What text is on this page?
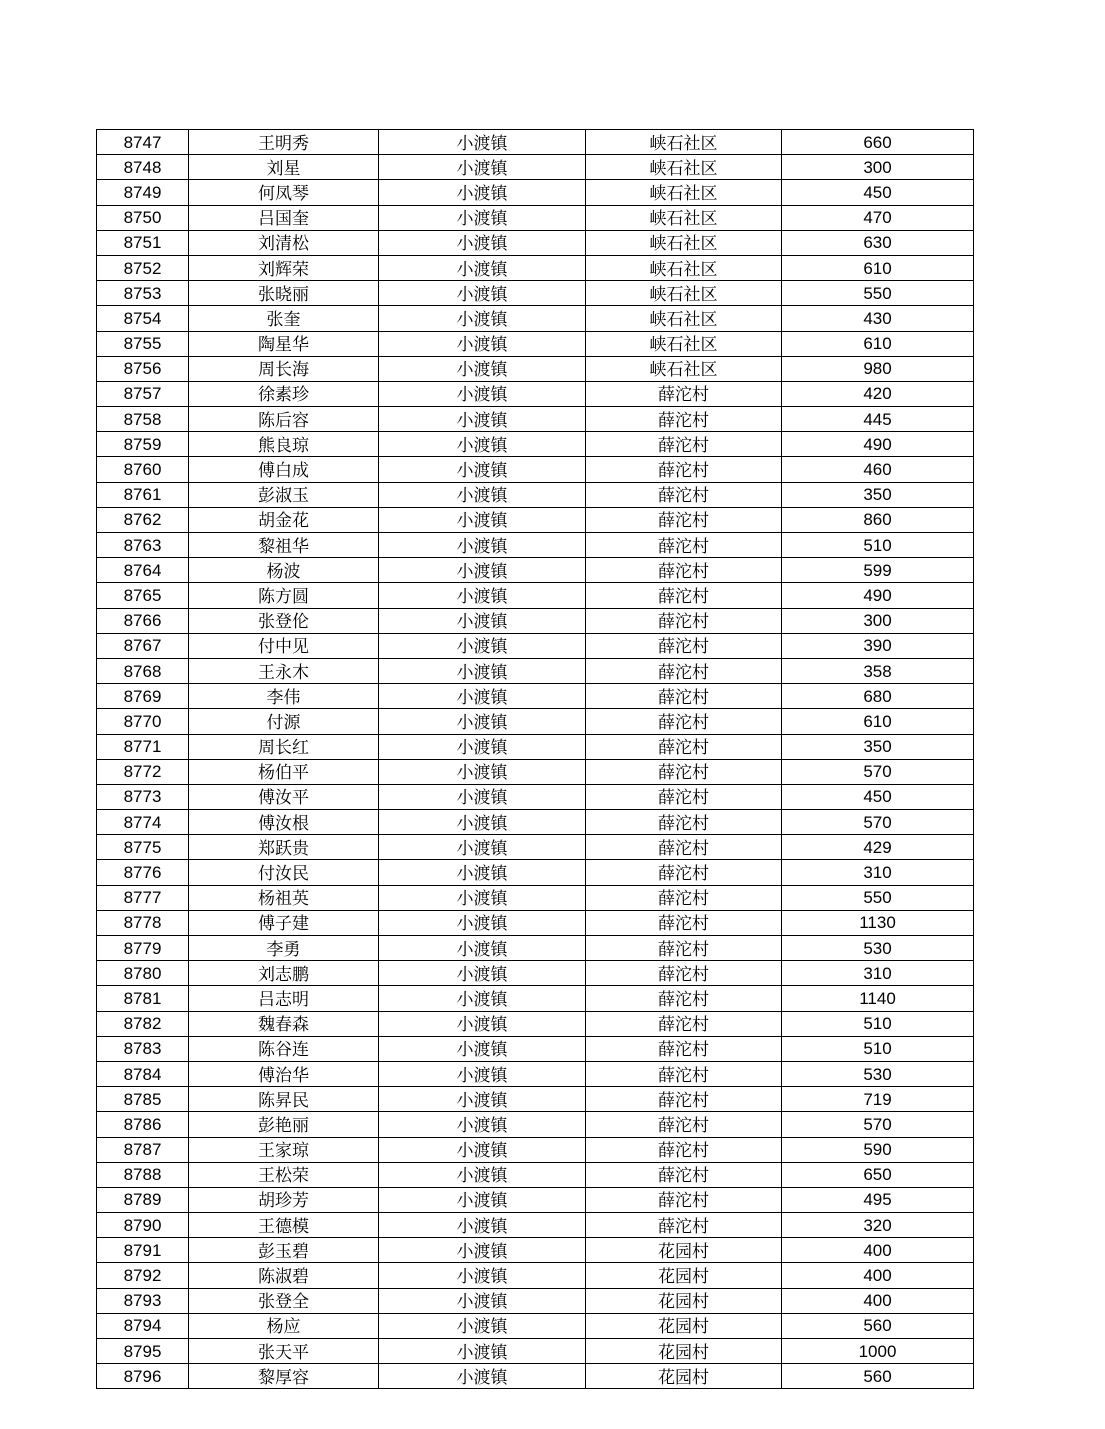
8747	王明秀	小渡镇	峡石社区	660
8748	刘星	小渡镇	峡石社区	300
8749	何凤琴	小渡镇	峡石社区	450
8750	吕国奎	小渡镇	峡石社区	470
8751	刘清松	小渡镇	峡石社区	630
8752	刘辉荣	小渡镇	峡石社区	610
8753	张晓丽	小渡镇	峡石社区	550
8754	张奎	小渡镇	峡石社区	430
8755	陶星华	小渡镇	峡石社区	610
8756	周长海	小渡镇	峡石社区	980
8757	徐素珍	小渡镇	薛沱村	420
8758	陈后容	小渡镇	薛沱村	445
8759	熊良琼	小渡镇	薛沱村	490
8760	傅白成	小渡镇	薛沱村	460
8761	彭淑玉	小渡镇	薛沱村	350
8762	胡金花	小渡镇	薛沱村	860
8763	黎祖华	小渡镇	薛沱村	510
8764	杨波	小渡镇	薛沱村	599
8765	陈方圆	小渡镇	薛沱村	490
8766	张登伦	小渡镇	薛沱村	300
8767	付中见	小渡镇	薛沱村	390
8768	王永木	小渡镇	薛沱村	358
8769	李伟	小渡镇	薛沱村	680
8770	付源	小渡镇	薛沱村	610
8771	周长红	小渡镇	薛沱村	350
8772	杨伯平	小渡镇	薛沱村	570
8773	傅汝平	小渡镇	薛沱村	450
8774	傅汝根	小渡镇	薛沱村	570
8775	郑跃贵	小渡镇	薛沱村	429
8776	付汝民	小渡镇	薛沱村	310
8777	杨祖英	小渡镇	薛沱村	550
8778	傅子建	小渡镇	薛沱村	1130
8779	李勇	小渡镇	薛沱村	530
8780	刘志鹏	小渡镇	薛沱村	310
8781	吕志明	小渡镇	薛沱村	1140
8782	魏春森	小渡镇	薛沱村	510
8783	陈谷连	小渡镇	薛沱村	510
8784	傅治华	小渡镇	薛沱村	530
8785	陈昇民	小渡镇	薛沱村	719
8786	彭艳丽	小渡镇	薛沱村	570
8787	王家琼	小渡镇	薛沱村	590
8788	王松荣	小渡镇	薛沱村	650
8789	胡珍芳	小渡镇	薛沱村	495
8790	王德模	小渡镇	薛沱村	320
8791	彭玉碧	小渡镇	花园村	400
8792	陈淑碧	小渡镇	花园村	400
8793	张登全	小渡镇	花园村	400
8794	杨应	小渡镇	花园村	560
8795	张天平	小渡镇	花园村	1000
8796	黎厚容	小渡镇	花园村	560
